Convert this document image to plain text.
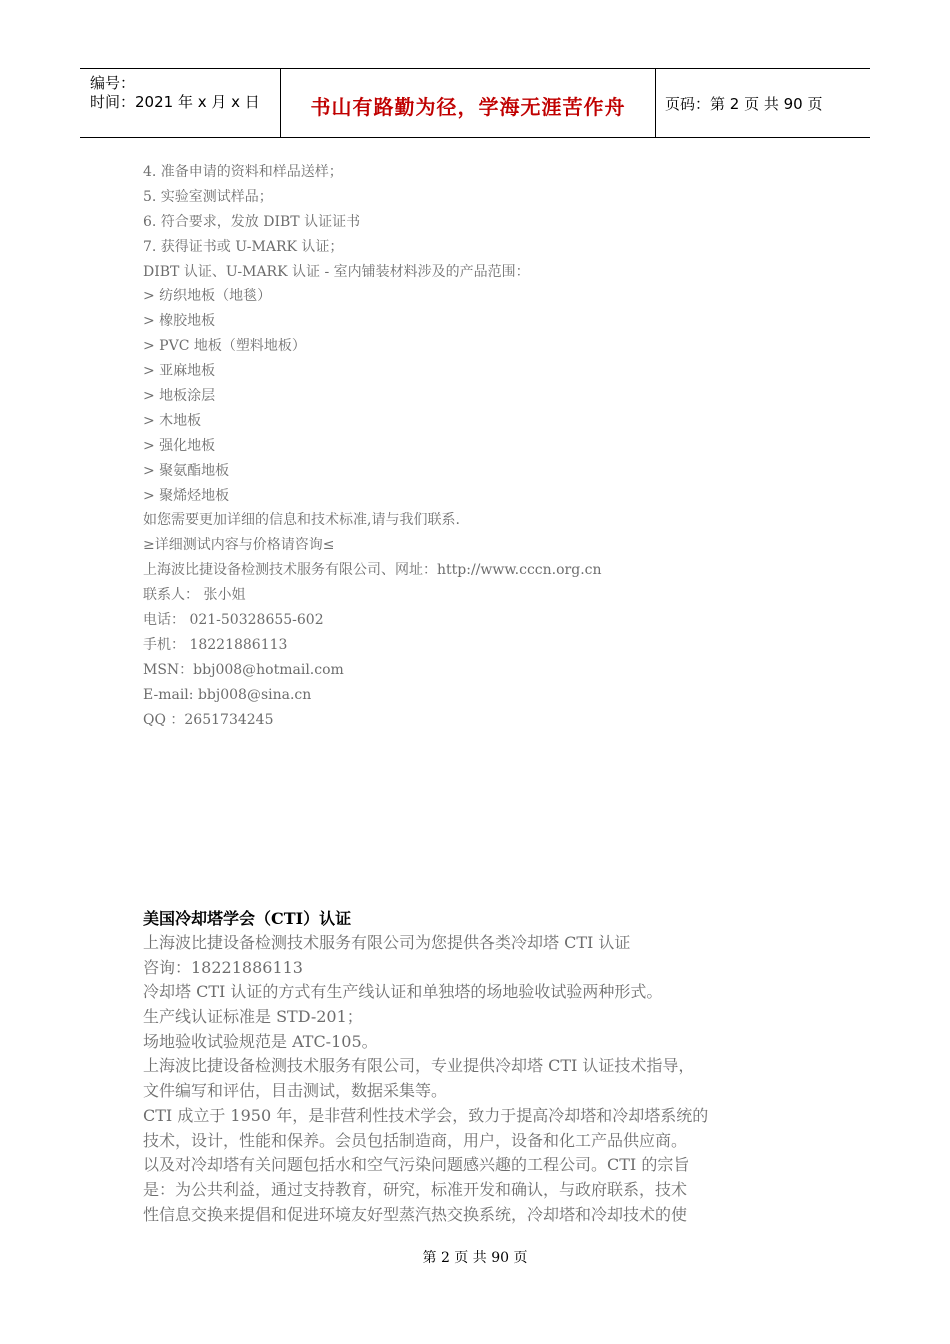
编号：
时间：2021 年 x 月 x 日	书山有路勤为径，学海无涯苦作舟	页码：第 2 页 共 90 页
4. 准备申请的资料和样品送样；
5. 实验室测试样品；
6. 符合要求，发放 DIBT 认证证书
7. 获得证书或 U-MARK 认证；
DIBT 认证、U-MARK 认证 - 室内铺装材料涉及的产品范围：
> 纺织地板（地毯）
> 橡胶地板
> PVC 地板（塑料地板）
> 亚麻地板
> 地板涂层
> 木地板
> 强化地板
> 聚氨酯地板
> 聚烯烃地板
如您需要更加详细的信息和技术标准,请与我们联系.
≥详细测试内容与价格请咨询≤
上海波比捷设备检测技术服务有限公司、网址：http://www.cccn.org.cn
联系人： 张小姐
电话： 021-50328655-602
手机： 18221886113
MSN：bbj008@hotmail.com
E-mail: bbj008@sina.cn
QQ ：2651734245
美国冷却塔学会（CTI）认证
上海波比捷设备检测技术服务有限公司为您提供各类冷却塔 CTI 认证
咨询：18221886113
冷却塔 CTI 认证的方式有生产线认证和单独塔的场地验收试验两种形式。
生产线认证标准是 STD-201；
场地验收试验规范是 ATC-105。
上海波比捷设备检测技术服务有限公司，专业提供冷却塔 CTI 认证技术指导，
文件编写和评估，目击测试，数据采集等。
CTI 成立于 1950 年，是非营利性技术学会，致力于提高冷却塔和冷却塔系统的
技术，设计，性能和保养。会员包括制造商，用户，设备和化工产品供应商。
以及对冷却塔有关问题包括水和空气污染问题感兴趣的工程公司。CTI 的宗旨
是：为公共利益，通过支持教育，研究，标准开发和确认，与政府联系，技术
性信息交换来提倡和促进环境友好型蒸汽热交换系统，冷却塔和冷却技术的使
第 2 页 共 90 页
